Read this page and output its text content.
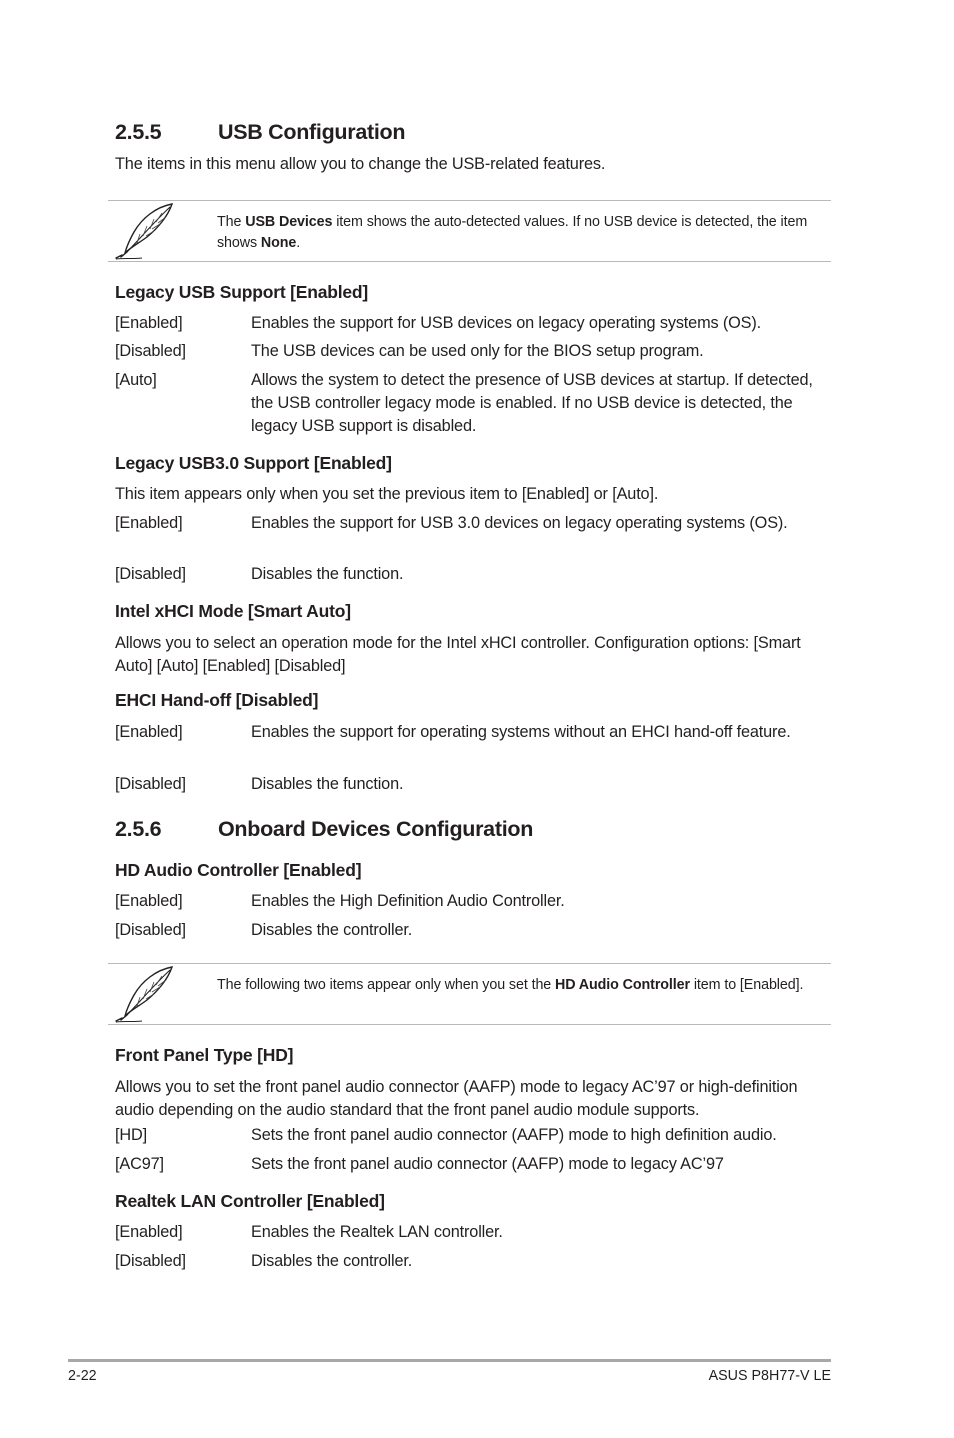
2.5.5	USB Configuration

The items in this menu allow you to change the USB-related features.

The USB Devices item shows the auto-detected values. If no USB device is detected, the item shows None.
Legacy USB Support [Enabled]
[Enabled]	Enables the support for USB devices on legacy operating systems (OS).
[Disabled]	The USB devices can be used only for the BIOS setup program.
[Auto]	Allows the system to detect the presence of USB devices at startup. If detected, the USB controller legacy mode is enabled. If no USB device is detected, the legacy USB support is disabled.
Legacy USB3.0 Support [Enabled]

This item appears only when you set the previous item to [Enabled] or [Auto].

[Enabled]	Enables the support for USB 3.0 devices on legacy operating systems (OS).
[Disabled]	Disables the function.
Intel xHCI Mode [Smart Auto]

Allows you to select an operation mode for the Intel xHCI controller. Configuration options: [Smart Auto] [Auto] [Enabled] [Disabled]

EHCI Hand-off [Disabled]
[Enabled]	Enables the support for operating systems without an EHCI hand-off feature.
[Disabled]	Disables the function.
2.5.6	Onboard Devices Configuration
HD Audio Controller [Enabled]
[Enabled]	Enables the High Definition Audio Controller.
[Disabled]	Disables the controller.
The following two items appear only when you set the HD Audio Controller item to [Enabled].
Front Panel Type [HD]

Allows you to set the front panel audio connector (AAFP) mode to legacy AC’97 or high-definition audio depending on the audio standard that the front panel audio module supports.

[HD]	Sets the front panel audio connector (AAFP) mode to high definition audio.
[AC97]	Sets the front panel audio connector (AAFP) mode to legacy AC’97
Realtek LAN Controller [Enabled]
[Enabled]	Enables the Realtek LAN controller.
[Disabled]	Disables the controller.
2-22	ASUS P8H77-V LE
